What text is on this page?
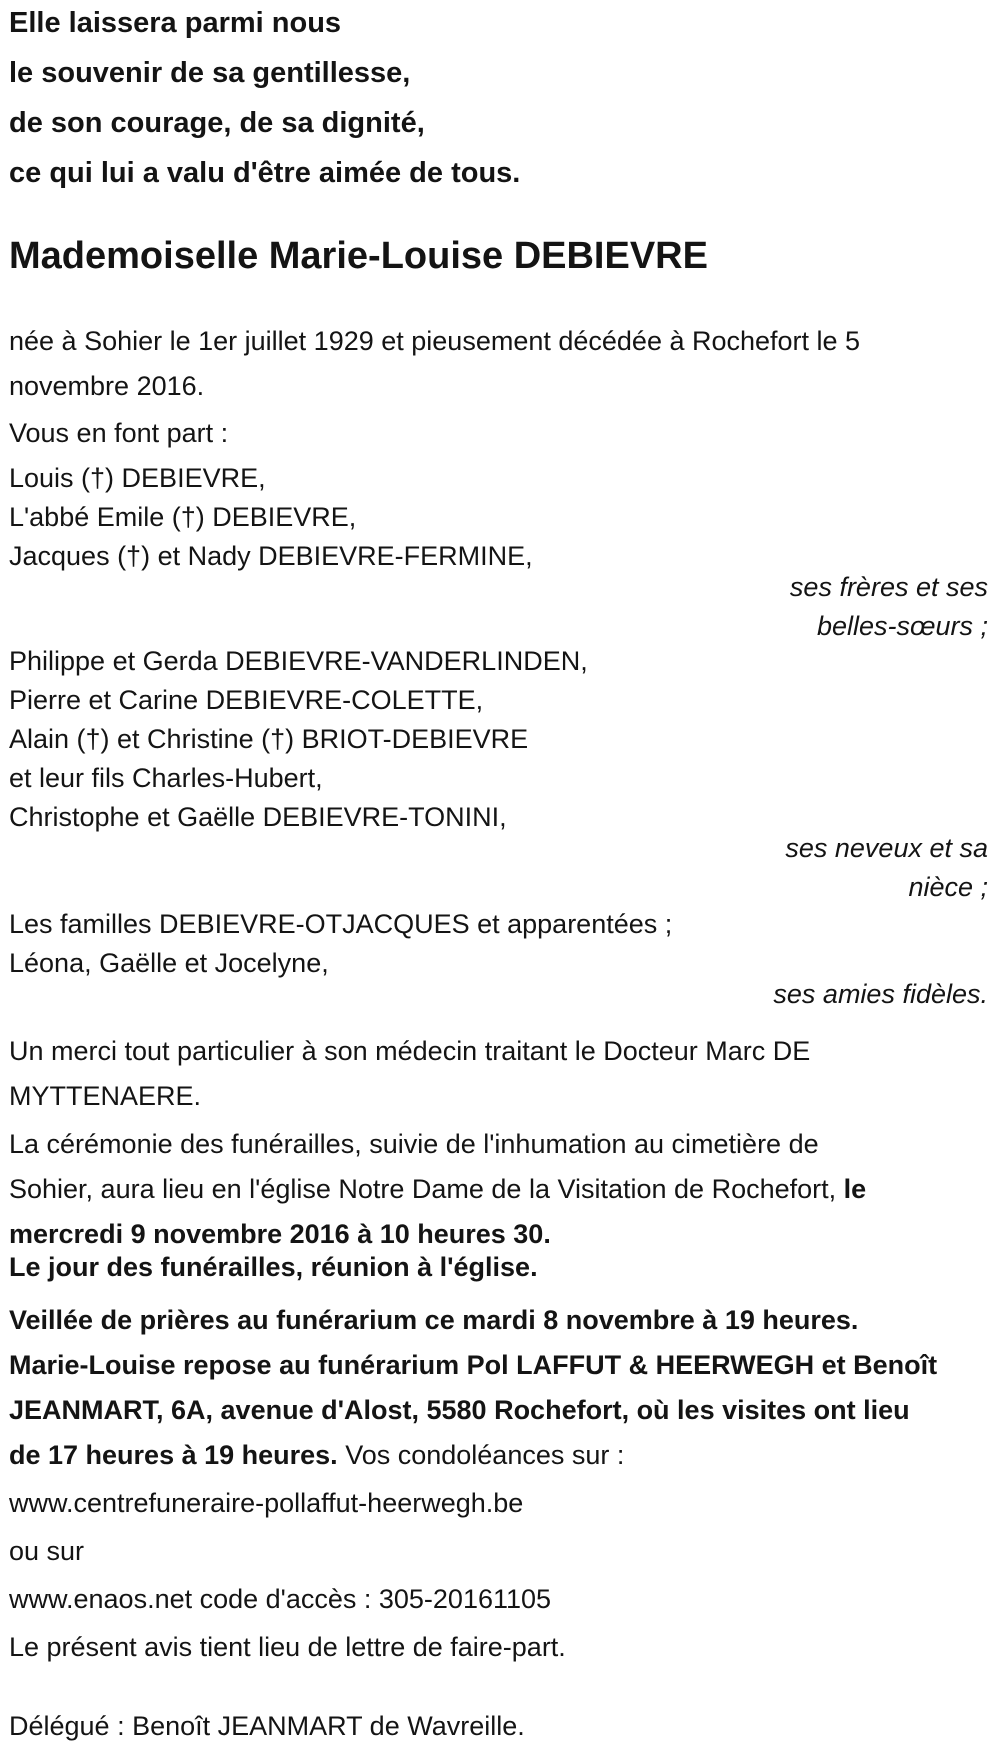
Elle laissera parmi nous
le souvenir de sa gentillesse,
de son courage, de sa dignité,
ce qui lui a valu d'être aimée de tous.
Mademoiselle Marie-Louise DEBIEVRE
née à Sohier le 1er juillet 1929 et pieusement décédée à Rochefort le 5
novembre 2016.
Vous en font part :
Louis (†) DEBIEVRE,
L'abbé Emile (†) DEBIEVRE,
Jacques (†) et Nady DEBIEVRE-FERMINE,
ses frères et ses
belles-sœurs ;
Philippe et Gerda DEBIEVRE-VANDERLINDEN,
Pierre et Carine DEBIEVRE-COLETTE,
Alain (†) et Christine (†) BRIOT-DEBIEVRE
et leur fils Charles-Hubert,
Christophe et Gaëlle DEBIEVRE-TONINI,
ses neveux et sa
nièce ;
Les familles DEBIEVRE-OTJACQUES et apparentées ;
Léona, Gaëlle et Jocelyne,
ses amies fidèles.
Un merci tout particulier à son médecin traitant le Docteur Marc DE
MYTTENAERE.
La cérémonie des funérailles, suivie de l'inhumation au cimetière de
Sohier, aura lieu en l'église Notre Dame de la Visitation de Rochefort, le
mercredi 9 novembre 2016 à 10 heures 30.
Le jour des funérailles, réunion à l'église.
Veillée de prières au funérarium ce mardi 8 novembre à 19 heures.
Marie-Louise repose au funérarium Pol LAFFUT & HEERWEGH et Benoît
JEANMART, 6A, avenue d'Alost, 5580 Rochefort, où les visites ont lieu
de 17 heures à 19 heures. Vos condoléances sur :
www.centrefuneraire-pollaffut-heerwegh.be
ou sur
www.enaos.net code d'accès : 305-20161105
Le présent avis tient lieu de lettre de faire-part.
Délégué : Benoît JEANMART de Wavreille.
